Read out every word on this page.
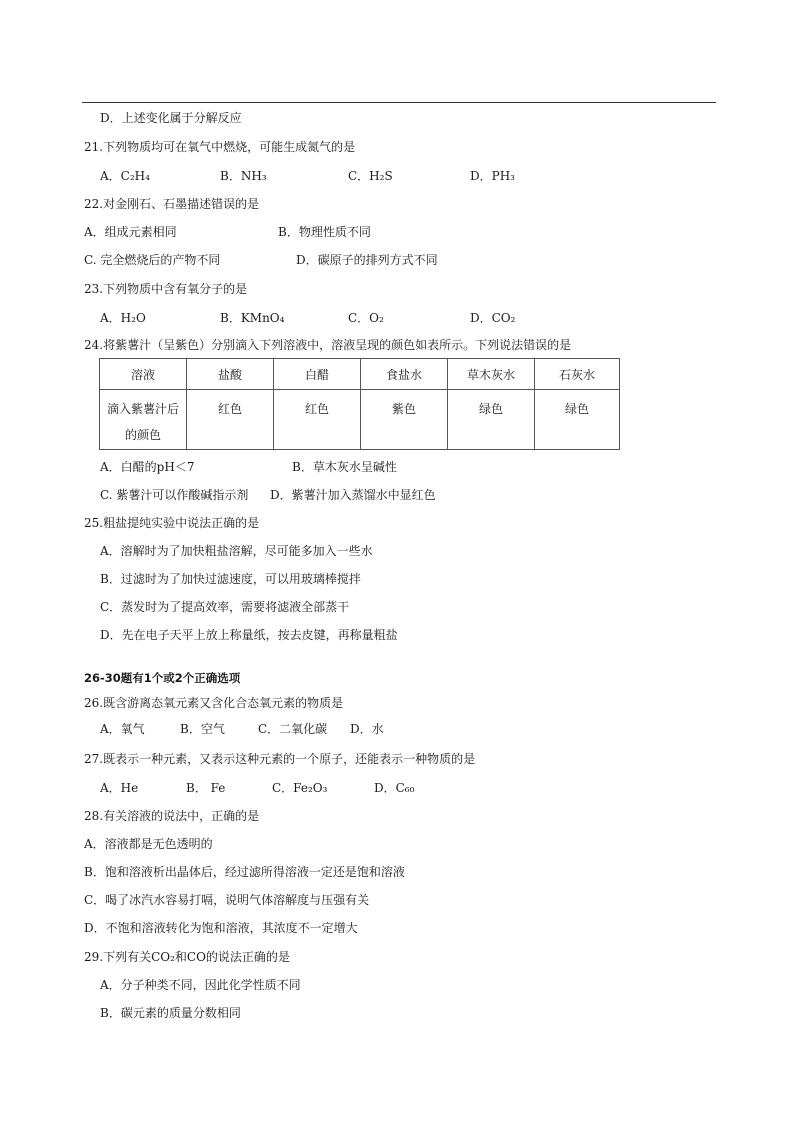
D．上述变化属于分解反应
21.下列物质均可在氧气中燃烧，可能生成氮气的是
A．C₂H₄	B．NH₃	C．H₂S	D．PH₃
22.对金刚石、石墨描述错误的是
A．组成元素相同	B．物理性质不同
C. 完全燃烧后的产物不同	D．碳原子的排列方式不同
23.下列物质中含有氧分子的是
A．H₂O	B．KMnO₄	C．O₂	D．CO₂
24.将紫薯汁（呈紫色）分别滴入下列溶液中，溶液呈现的颜色如表所示。下列说法错误的是
溶液	盐酸	白醋	食盐水	草木灰水	石灰水

滴入紫薯汁后
的颜色	红色	红色	紫色	绿色	绿色
A．白醋的pH＜7	B．草木灰水呈碱性
C. 紫薯汁可以作酸碱指示剂 D．紫薯汁加入蒸馏水中显红色
25.粗盐提纯实验中说法正确的是
A．溶解时为了加快粗盐溶解，尽可能多加入一些水
B．过滤时为了加快过滤速度，可以用玻璃棒搅拌
C．蒸发时为了提高效率，需要将滤液全部蒸干
D．先在电子天平上放上称量纸，按去皮键，再称量粗盐
26-30题有1个或2个正确选项
26.既含游离态氧元素又含化合态氧元素的物质是
A．氧气	B．空气	C．二氧化碳 D．水
27.既表示一种元素，又表示这种元素的一个原子，还能表示一种物质的是
A．He	B． Fe	C．Fe₂O₃	D．C₆₀
28.有关溶液的说法中，正确的是
A．溶液都是无色透明的
B．饱和溶液析出晶体后，经过滤所得溶液一定还是饱和溶液
C．喝了冰汽水容易打嗝，说明气体溶解度与压强有关
D．不饱和溶液转化为饱和溶液，其浓度不一定增大
29.下列有关CO₂和CO的说法正确的是
A．分子种类不同，因此化学性质不同
B．碳元素的质量分数相同
